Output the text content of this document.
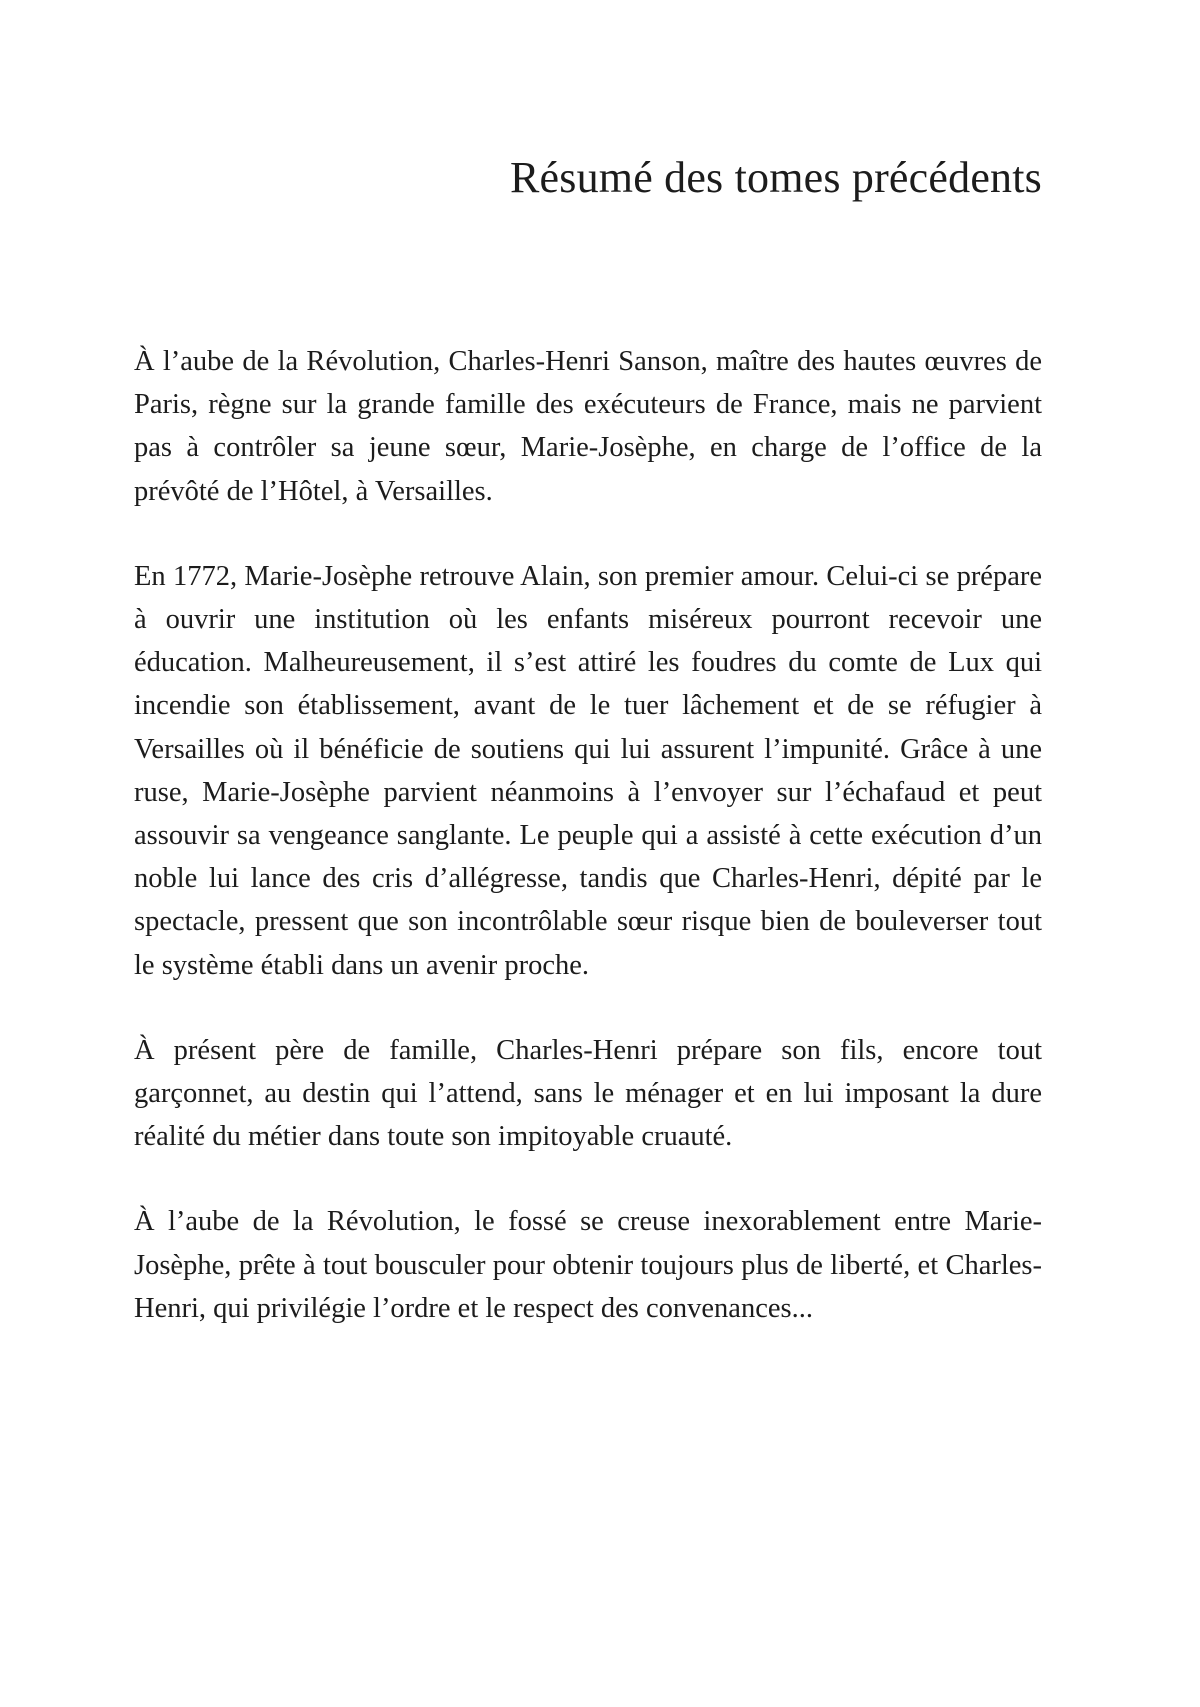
Résumé des tomes précédents

À l’aube de la Révolution, Charles-Henri Sanson, maître des hautes œuvres de Paris, règne sur la grande famille des exécuteurs de France, mais ne parvient pas à contrôler sa jeune sœur, Marie-Josèphe, en charge de l’office de la prévôté de l’Hôtel, à Versailles.

En 1772, Marie-Josèphe retrouve Alain, son premier amour. Celui-ci se prépare à ouvrir une institution où les enfants miséreux pourront recevoir une éducation. Malheureusement, il s’est attiré les foudres du comte de Lux qui incendie son établissement, avant de le tuer lâchement et de se réfugier à Versailles où il bénéficie de soutiens qui lui assurent l’impunité. Grâce à une ruse, Marie-Josèphe parvient néanmoins à l’envoyer sur l’échafaud et peut assouvir sa vengeance sanglante. Le peuple qui a assisté à cette exécution d’un noble lui lance des cris d’allégresse, tandis que Charles-Henri, dépité par le spectacle, pressent que son incontrôlable sœur risque bien de bouleverser tout le système établi dans un avenir proche.

À présent père de famille, Charles-Henri prépare son fils, encore tout garçonnet, au destin qui l’attend, sans le ménager et en lui imposant la dure réalité du métier dans toute son impitoyable cruauté.

À l’aube de la Révolution, le fossé se creuse inexorablement entre Marie-Josèphe, prête à tout bousculer pour obtenir toujours plus de liberté, et Charles-Henri, qui privilégie l’ordre et le respect des convenances...
